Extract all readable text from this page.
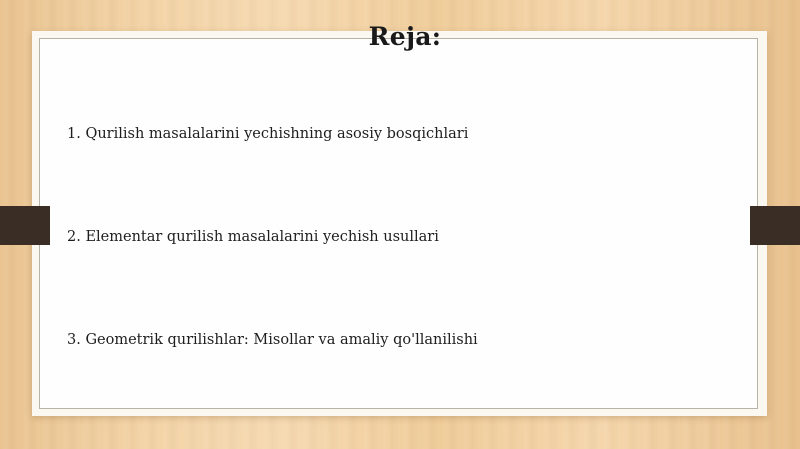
Reja:
1. Qurilish masalalarini yechishning asosiy bosqichlari
2. Elementar qurilish masalalarini yechish usullari
3. Geometrik qurilishlar: Misollar va amaliy qo'llanilishi
